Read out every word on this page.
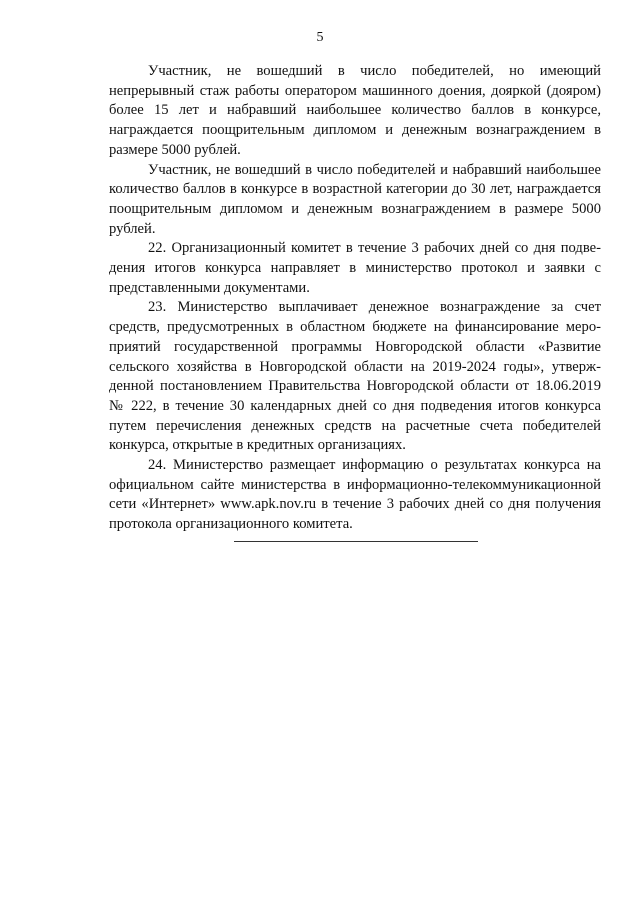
5

Участник, не вошедший в число победителей, но имеющий непрерывный стаж работы оператором машинного доения, дояркой (дояром) более 15 лет и набравший наибольшее количество баллов в конкурсе, награждается поощрительным дипломом и денежным вознаграждением в размере 5000 рублей.

Участник, не вошедший в число победителей и набравший наибольшее количество баллов в конкурсе в возрастной категории до 30 лет, награждается поощрительным дипломом и денежным вознаграждением в размере 5000 рублей.

22. Организационный комитет в течение 3 рабочих дней со дня подведения итогов конкурса направляет в министерство протокол и заявки с представленными документами.

23. Министерство выплачивает денежное вознаграждение за счет средств, предусмотренных в областном бюджете на финансирование мероприятий государственной программы Новгородской области «Развитие сельского хозяйства в Новгородской области на 2019-2024 годы», утвержденной постановлением Правительства Новгородской области от 18.06.2019 № 222, в течение 30 календарных дней со дня подведения итогов конкурса путем перечисления денежных средств на расчетные счета победителей конкурса, открытые в кредитных организациях.

24. Министерство размещает информацию о результатах конкурса на официальном сайте министерства в информационно-телекоммуникационной сети «Интернет» www.apk.nov.ru в течение 3 рабочих дней со дня получения протокола организационного комитета.
